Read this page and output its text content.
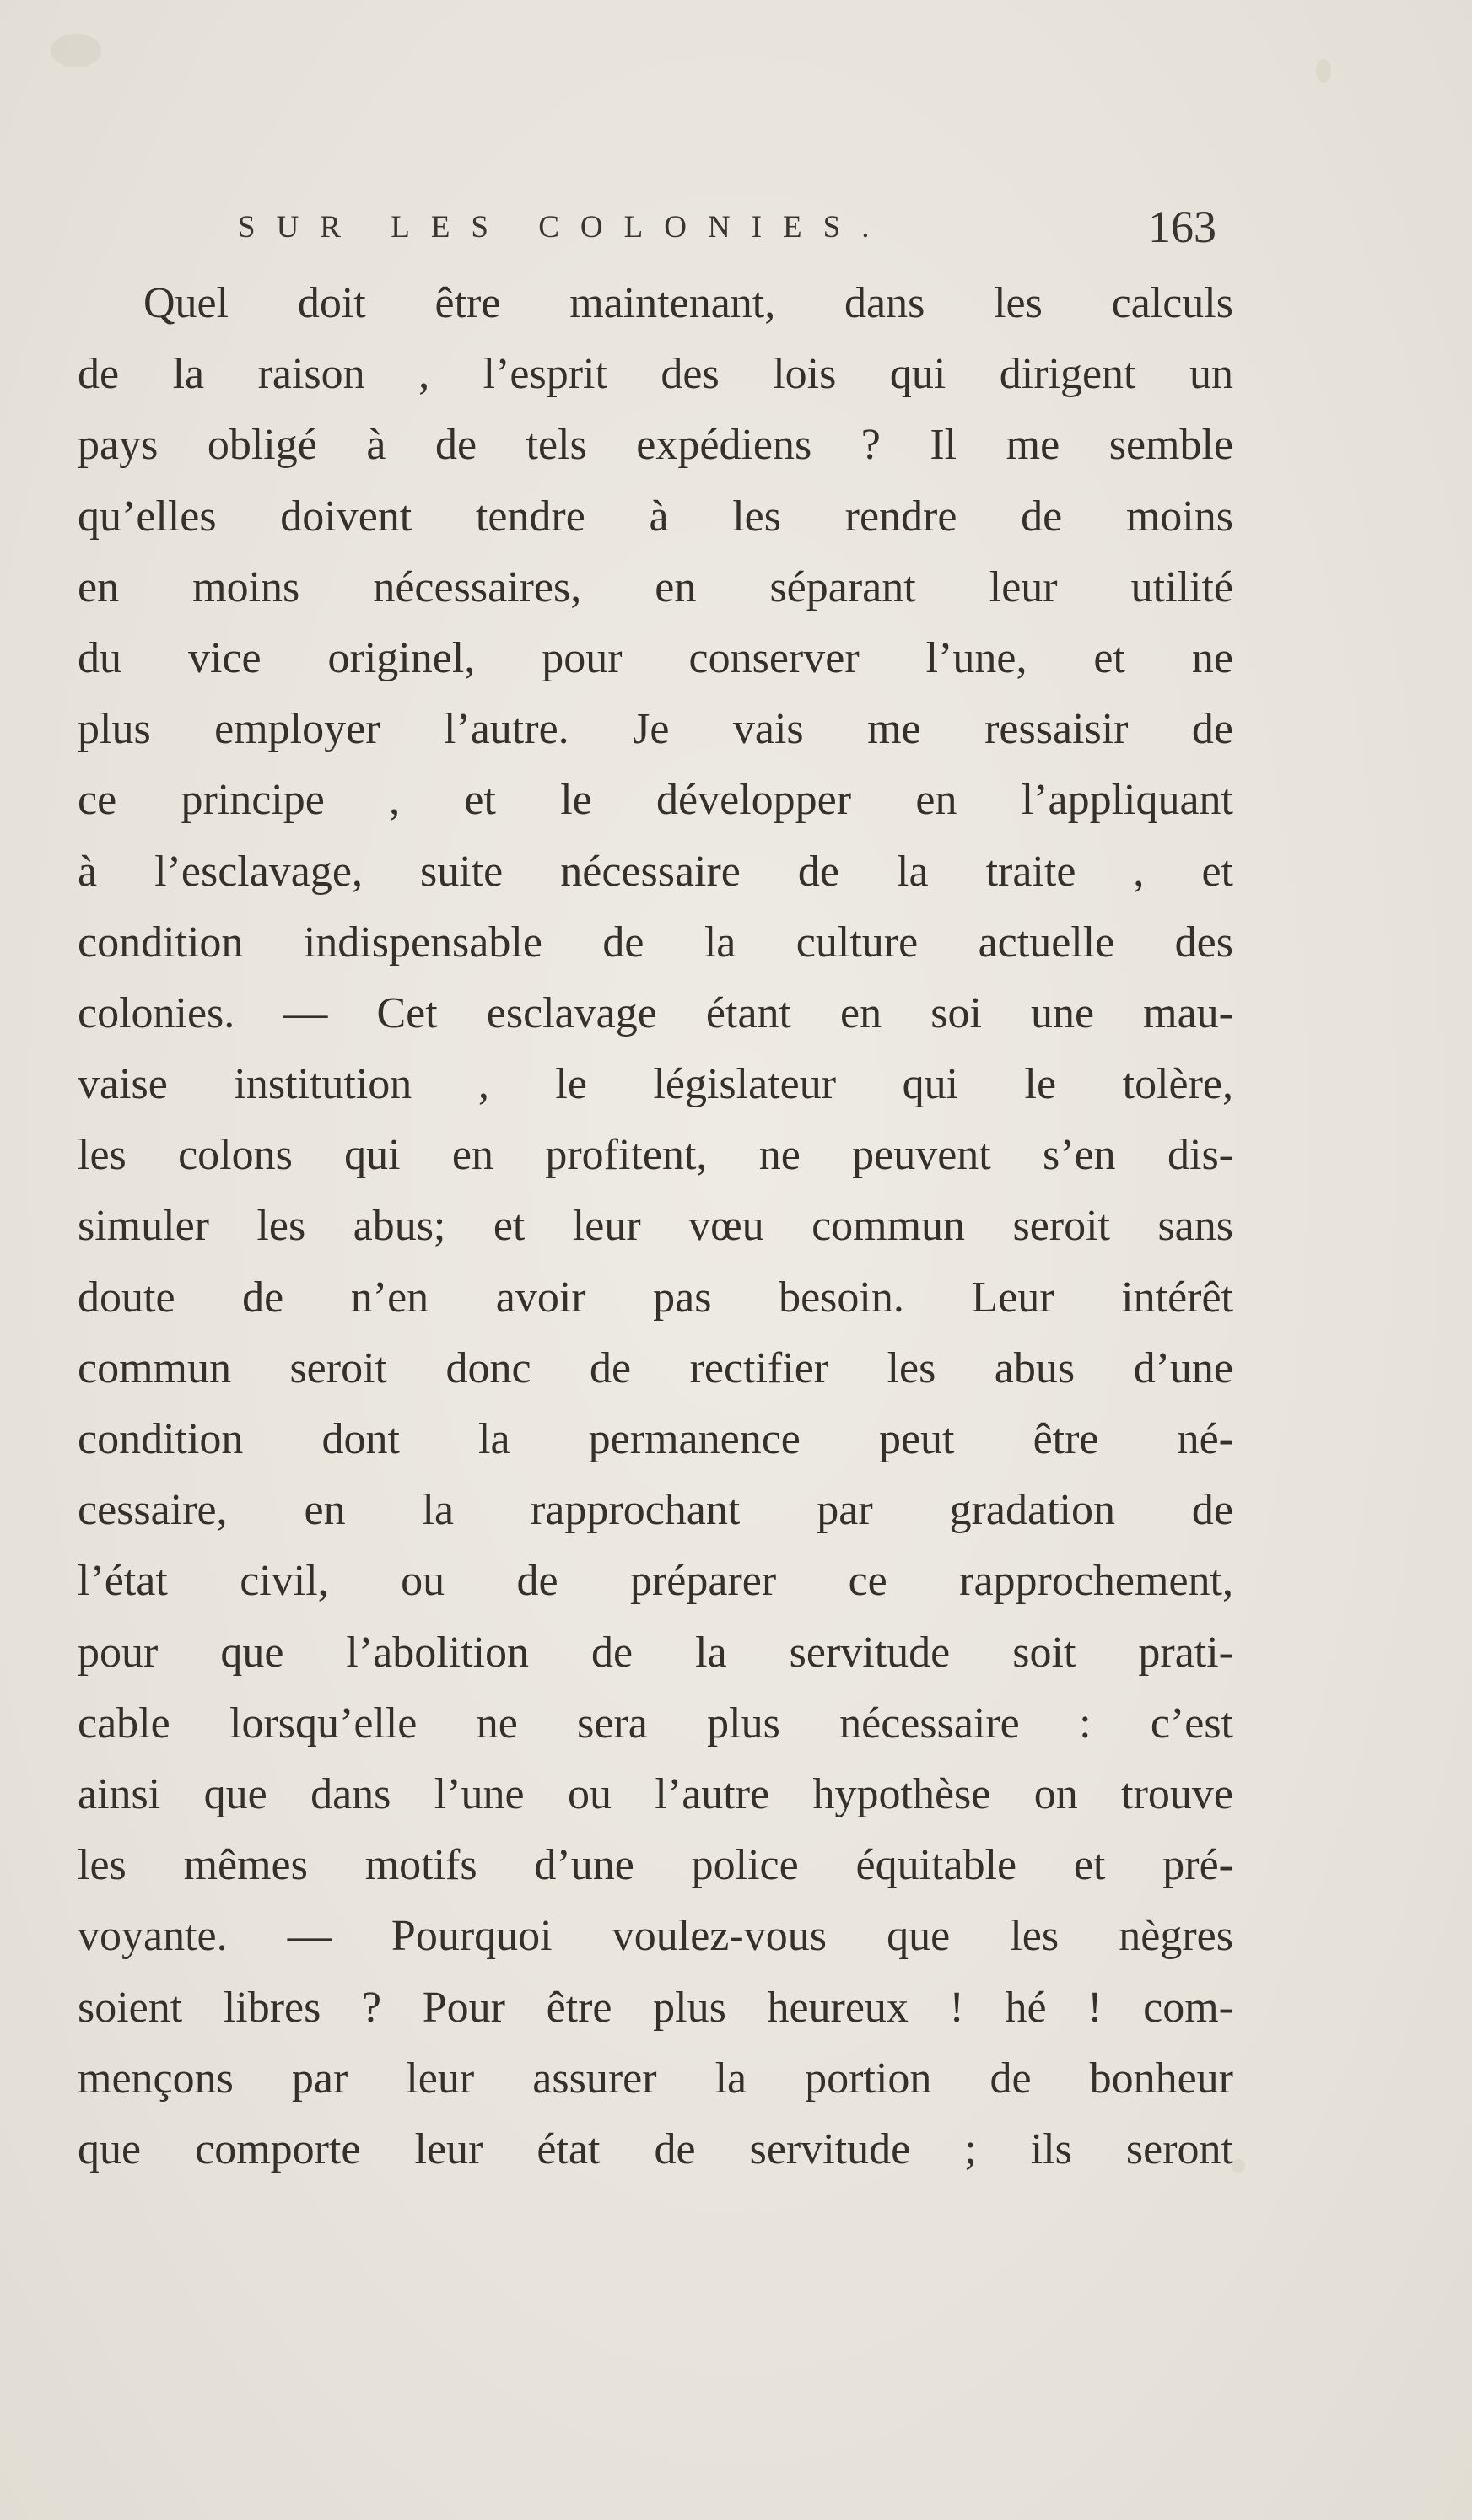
SUR LES COLONIES.	163
Quel doit être maintenant, dans les calculs
de la raison , l’esprit des lois qui dirigent un
pays obligé à de tels expédiens ? Il me semble
qu’elles doivent tendre à les rendre de moins
en moins nécessaires, en séparant leur utilité
du vice originel, pour conserver l’une, et ne
plus employer l’autre. Je vais me ressaisir de
ce principe , et le développer en l’appliquant
à l’esclavage, suite nécessaire de la traite , et
condition indispensable de la culture actuelle des
colonies. — Cet esclavage étant en soi une mau-
vaise institution , le législateur qui le tolère,
les colons qui en profitent, ne peuvent s’en dis-
simuler les abus; et leur vœu commun seroit sans
doute de n’en avoir pas besoin. Leur intérêt
commun seroit donc de rectifier les abus d’une
condition dont la permanence peut être né-
cessaire, en la rapprochant par gradation de
l’état civil, ou de préparer ce rapprochement,
pour que l’abolition de la servitude soit prati-
cable lorsqu’elle ne sera plus nécessaire : c’est
ainsi que dans l’une ou l’autre hypothèse on trouve
les mêmes motifs d’une police équitable et pré-
voyante. — Pourquoi voulez-vous que les nègres
soient libres ? Pour être plus heureux ! hé ! com-
mençons par leur assurer la portion de bonheur
que comporte leur état de servitude ; ils seront
